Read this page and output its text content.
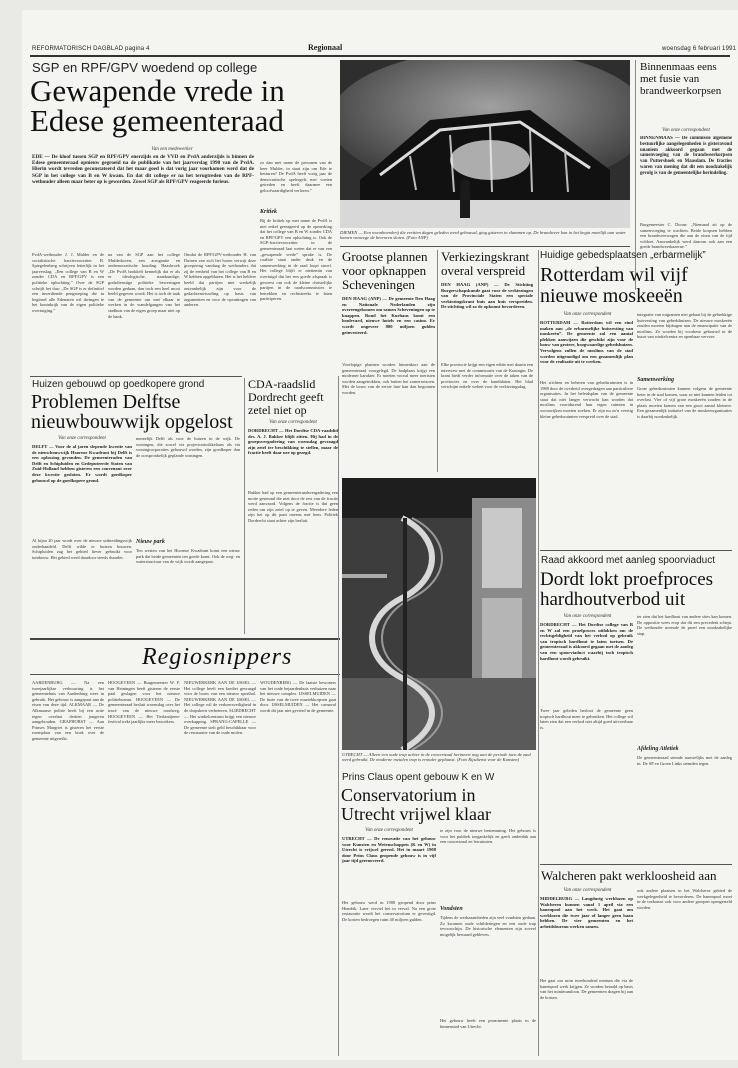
REFORMATORISCH DAGBLAD pagina 4	Regionaal	woensdag 6 februari 1991
SGP en RPF/GPV woedend op college
Gewapende vrede in
Edese gemeenteraad
Van een medewerker
EDE — De kloof tussen SGP en RPF/GPV enerzijds en de VVD en PvdA anderzijds is binnen de Edese gemeenteraad opnieuw gegroeid na de publikatie van het jaarverslag 1990 van de PvdA. Hierin wordt tevreden geconstateerd dat het maar goed is dat vorig jaar voorkomen werd dat de SGP in het college van B en W kwam. En dat dit college er na het terugtreden van de RPF-wethouder alleen maar beter op is geworden. Zowel SGP als RPF/GPV reageerde furieus.
PvdA-wethouder J. J. Mulder en de socialistische fractievoorzitter B. Spiegelenberg schrijven letterlijk in het jaarverslag: „Een college van B en W zonder CDA en RPF/GPV is een politieke opluchting.” Over de SGP schrijft het duo: „De SGP is er definitief een inverdiende pengroeping die in beginsel alle Edenaren wil dwingen te het koninkrijk van de eigen politieke overtuiging.”
na van de SGP aan het college Mulderkoren, een arrogantie en ondemocratische houding. Haasbroek „De PvdA brokkelt kennelijk dat er als er ideologische, staatkundige, godsdienstige politieke beweringen worden gedaan, dan toch een heel mooi beeld gegeven wordt. Het is toch de taak van de gemeente om met elkaar te werken in de wandelgangen van het stadhuis van de eigen groep maar niet op de bank.
Omdat de RPF/GPV-wethouder H. van Duinen van zich liet horen verwijt deze groepering vandaag de wethouders dat zij de eenheid van het college van B en W hebben opgeblazen. Het is het heldere beeld dat partijen niet werkelijk ontvankelijk zijn voor de gedachtenwisseling op basis van argumenten en voor de opvattingen van anderen.
zo dan met name de personen van de heer Mulder, in staat zijn om Ede te besturen? De PvdA heeft vorig jaar de democratische spelregels met voeten getreden en heeft daarmee een geloofwaardigheid verloren.”
Kritiek
Bij de kritiek op met name de PvdA is niet enkel gereageerd op de opmerking dat het college van B en W zonder CDA en RPF/GPV een opluchting is. Ook de SGP-fractievoorzitter in de gemeenteraad laat weten dat er van een „gewapende vrede” sprake is. De coalitie staat onder druk en de samenwerking in de raad loopt stroef. Het college blijft er niettemin van overtuigd dat het een goede afspraak is geweest om ook de kleine christelijke partijen in de raadscommissies te betrekken en rechtstreeks te laten participeren.
DIEMEN — Een woonboerderij die eerttien dagen geleden werd gebouwd, ging gisteren in vlammen op. De brandweer kon in het begin moeilijk aan water komen vanwege de bevroren sloten. (Foto ANP)
Binnenmaas eens met fusie van brandweerkorpsen
Van onze correspondent
BINNENMAAS — De commissie algemene bestuurlijke aangelegenheden is gisteravond unaniem akkoord gegaan met de samenvoeging van de brandweerkorpsen van Puttershoek en Maasdam. De fracties waren van mening dat dit een noodzakelijk gevolg is van de gemeentelijke herindeling.
Burgemeester C. Doorn: „Niemand zit op de samenvoeging te wachten. Beide korpsen hebben een brandweerwagen die aan de eisen van de tijd voldoet. Aanvankelijk werd daarom ook aan een goede brandweerkazerne.”
Grootse plannen
voor opknappen
Scheveningen
DEN HAAG (ANP) — De gemeente Den Haag en Nationale Nederlanden zijn overeengekomen om samen Scheveningen op te knappen. Rond het Kurhaus komt een boulevard, nieuwe hotels en een casino. Er wordt ongeveer 800 miljoen gulden geïnvesteerd.
Voorlopige plannen worden binnenkort aan de gemeenteraad voorgelegd. De badplaats krijgt een moderner karakter. Er moeten vooral meer toeristen worden aangetrokken, ook buiten het zomerseizoen. Met de bouw van de eerste fase kan dan begonnen worden.
Verkiezingskrant
overal verspreid
DEN HAAG (ANP) — De Stichting Burgerschapskunde gaat voor de verkiezingen van de Provinciale Staten een speciale verkiezingskrant huis aan huis verspreiden. De stichting wil zo de opkomst bevorderen.
Elke provincie krijgt een eigen editie met daarin een interview met de commissaris van de Koningin. De krant biedt verder informatie over de taken van de provincies en over de kandidaten. Het blad verschijnt enkele weken voor de verkiezingsdag.
Huidige gebedsplaatsen „erbarmelijk”
Rotterdam wil vijf
nieuwe moskeeën
Van onze correspondent
ROTTERDAM — Rotterdam wil een eind maken aan „de erbarmelijke huisvesting van moskeeën”. De gemeente zal een aantal plekken aanwijzen die geschikt zijn voor de bouw van grotere, hoogwaardige gebedshuizen. Vervolgens zullen de moslims van de stad worden uitgenodigd om een gezamenlijk plan voor de realisatie uit te werken.
Het stichten en beheren van gebedsruimten is in 1988 door de overheid overgedragen aan particuliere organisaties. In het beleidsplan van de gemeente staat dat niet langer verwacht kan worden dat moslims voortdurend hun eigen ruimten in woonwijken moeten zoeken. Er zijn nu zo'n veertig kleine gebedsruimten verspreid over de stad.
integratie van migranten niet gebaat bij de gebrekkige huisvesting van gebedshuizen. De nieuwe moskeeën zouden moeten bijdragen aan de emancipatie van de moslims. Ze worden bij voorkeur gebouwd in de buurt van winkelcentra en openbaar vervoer.
Samenwerking
Grote gebedsruimten kunnen volgens de gemeente beter in de stad komen, waar ze niet kunnen leiden tot overlast. Vier of vijf grote moskeeën zouden in de plaats moeten komen van een groot aantal kleinere. Een gezamenlijk initiatief van de moskeeorganisaties is daarbij noodzakelijk.
Huizen gebouwd op goedkopere grond
Problemen Delftse
nieuwbouwwijk opgelost
Van onze correspondent
DELFT — Voor de al jaren slepende kwestie van de nieuwbouwwijk Hoornse Kwadrant bij Delft is een oplossing gevonden. De gemeenteraden van Delft en Schipluiden en Gedeputeerde Staten van Zuid-Holland hebben gisteren een convenant over deze kwestie gesloten. Er wordt goedkoper gebouwd op de goedkopere grond.
Al bijna 20 jaar wordt over de nieuwe uitbreidingswijk onderhandeld. Delft wilde er huizen bouwen. Schipluiden zag het gebied liever gebruikt voor tuinbouw. Het gebied werd daardoor steeds duurder.
mentelijk Delft als voor de huizen in de wijk. De woningen, die zowel via projectontwikkelaars als via woningcorporaties gebouwd worden, zijn goedkoper dan de oorspronkelijk geplande woningen.
Nieuw park
Ten westen van het Hoornse Kwadrant komt een nieuw park dat beide gemeenten ten goede komt. Ook de weg- en waterstructuur van de wijk wordt aangepast.
CDA-raadslid
Dordrecht geeft
zetel niet op
Van onze correspondent
DORDRECHT — Het Dordtse CDA-raadslid drs. A. J. Bakker blijft zitten. Hij had in de groepsvergadering van woensdag gevraagd zijn zetel ter beschikking te stellen, maar de fractie heeft daar nee op gezegd.
Bakker had op een gemeenteraadsvergadering een motie gesteund die niet door de rest van de fractie werd aanvaard. Volgens de fractie is dat geen reden om zijn zetel op te geven. Meerdere leden zijn het op dit punt oneens met hem. Politiek Dordrecht staat achter zijn besluit.
UTRECHT — Alleen een oude trap achter in de concertzaal herinnert nog aan de periode toen de zaal werd gebruikt. De moderne metalen trap is eronder geplaatst. (Foto Rijsdienst voor de Kunsten)
Raad akkoord met aanleg spoorviaduct
Dordt lokt proefproces hardhoutverbod uit
Van onze correspondent
DORDRECHT — Het Dordtse college van B en W zal een proefproces uitlokken om de rechtsgeldigheid van het verbod op gebruik van tropisch hardhout te laten toetsen. De gemeenteraad is akkoord gegaan met de aanleg van een spoorviaduct waarbij toch tropisch hardhout wordt gebruikt.
Twee jaar geleden besloot de gemeente geen tropisch hardhout meer te gebruiken. Het college wil laten zien dat een verbod niet altijd goed uitvoerbaar is.
ter zien dat het hardhout van andere sites kan komen. De oppositie wees erop dat dit een precedent schept. De wethouder noemde de proef een noodzakelijke stap.
Afdeling Atletiek
De gemeenteraad stemde nauwelijks met de aanleg in. De SP en Groen Links stemden tegen.
Regiosnippers
AARDENBURG — Na een tweejaarlijkse verbouwing is het gemeentehuis van Aardenburg weer in gebruik. Het gebouw is aangepast aan de eisen van deze tijd. ALKMAAR — De Alkmaarse politie heeft bij een actie tegen overlast dertien jongeren aangehouden. GRAFHORST — Aan Prinses Margriet is gisteren het eerste exemplaar van een boek over de gemeente uitgereikt.
HOOGEVEEN — Burgemeester W. F. van Heiningen heeft gisteren de eerste paal geslagen voor het nieuwe politiebureau. HOOGEVEEN — De gemeenteraad besluit woensdag over het tracé van de nieuwe rondweg. HOOGEVEEN — Het Tierlantijnen-festival trekt jaarlijks meer bezoekers.
NIEUWERKERK AAN DE IJSSEL — Het college heeft een krediet gevraagd voor de bouw van een nieuwe sporthal. NIEUWERKERK AAN DE IJSSEL — Het college wil de verkeersveiligheid in de dorpskern verbeteren. SLIEDRECHT — Het winkelcentrum krijgt een nieuwe overkapping. SPRANG-CAPELLE — De gemeente stelt geld beschikbaar voor de restauratie van de oude molen.
WOUDENBERG — De laatste bewoners van het oude bejaardenhuis verhuizen naar het nieuwe complex. IJSSELMUIDEN — De fusie van de twee muziekkorpsen gaat door. IJSSELMUIDEN — Het carnaval wordt dit jaar niet gevierd in de gemeente.
Prins Claus opent gebouw K en W
Conservatorium in
Utrecht vrijwel klaar
Van onze correspondent
UTRECHT — De renovatie van het gebouw voor Kunsten en Wetenschappen (K en W) in Utrecht is vrijwel gereed. Het in maart 1908 door Prins Claus geopende gebouw is in vijf jaar tijd gerenoveerd.
Het gebouw werd in 1908 geopend door prins Hendrik. Later verviel het in verval. Na een grote restauratie wordt het conservatorium er gevestigd. De kosten bedroegen ruim 40 miljoen gulden.
te zijn voor de nieuwe bestemming. Het gebouw is voor het publiek toegankelijk en geeft onderdak aan een concertzaal en lesruimten.
Vondsten
Tijdens de werkzaamheden zijn veel vondsten gedaan. Zo kwamen oude schilderingen en een oude trap tevoorschijn. De historische elementen zijn zoveel mogelijk bewaard gebleven.
Het gebouw heeft een prominente plaats in de binnenstad van Utrecht.
Walcheren pakt werkloosheid aan
Van onze correspondent
MIDDELBURG — Langdurig werklozen op Walcheren kunnen vanaf 1 april via een banenpool aan het werk. Het gaat om werklozen die twee jaar of langer geen baan hebben. De vier gemeenten en het arbeidsbureau werken samen.
Het gaat om ruim tweehonderd mensen die via de banenpool werk krijgen. Ze worden betaald op basis van het minimumloon. De gemeenten dragen bij aan de kosten.
ook andere plaatsen in het Walcherse gebied de werkgelegenheid te bevorderen. De banenpool moet in de toekomst ook voor andere groepen opengesteld worden.
